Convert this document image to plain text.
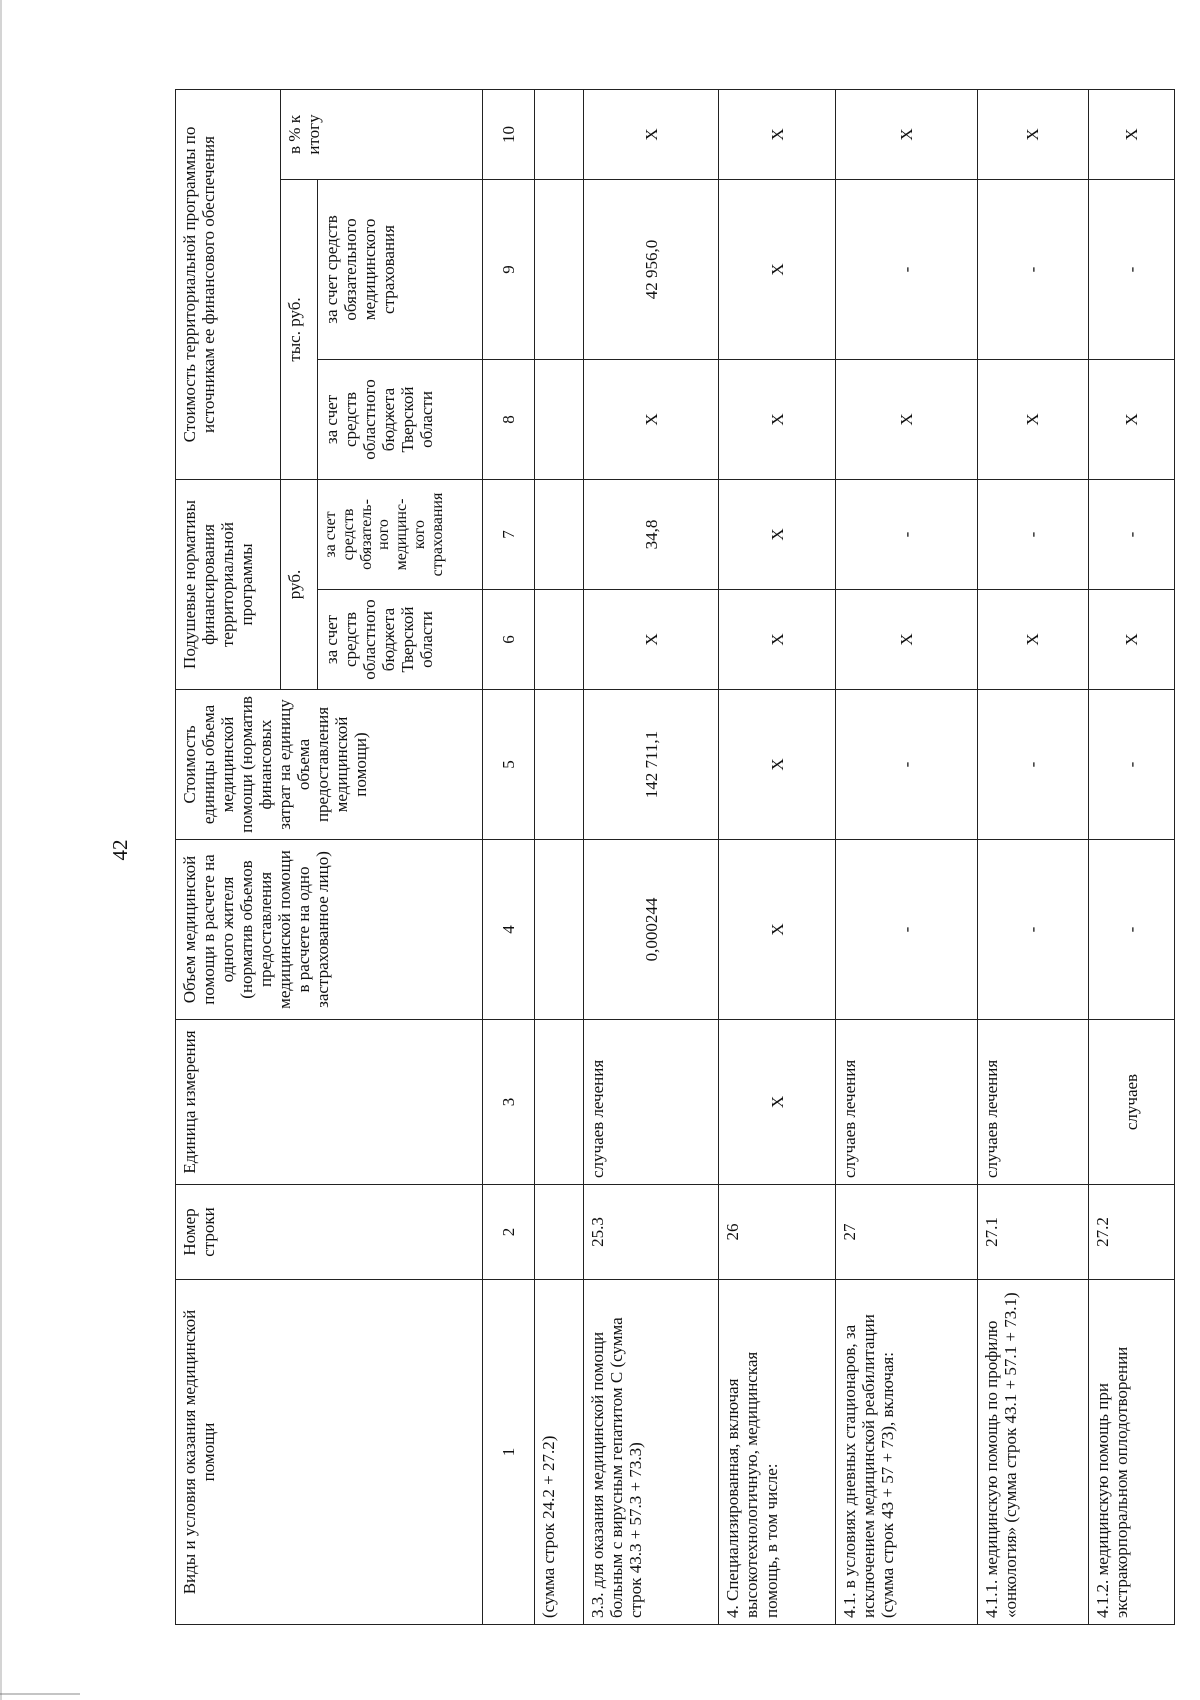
42
Виды и условия оказания медицинской помощи	Номер строки	Единица измерения	Объем медицинской помощи в расчете на одного жителя (норматив объемов предоставления медицинской помощи в расчете на одно застрахованное лицо)	Стоимость единицы объема медицинской помощи (норматив финансовых затрат на единицу объема предоставления медицинской помощи)	Подушевые нормативы финансирования территориальной программы		Стоимость территориальной программы по источникам ее финансового обеспечения		
					руб.		тыс. руб.		в % к итогу
					за счет средств областного бюджета Тверской области	за счет средств обязатель-ного медицинс-кого страхования	за счет средств областного бюджета Тверской области	за счет средств обязательного медицинского страхования	
1	2	3	4	5	6	7	8	9	10
(сумма строк 24.2 + 27.2)									
3.3. для оказания медицинской помощи больным с вирусным гепатитом С (сумма строк 43.3 + 57.3 + 73.3)	25.3	случаев лечения	0,000244	142 711,1	X	34,8	X	42 956,0	X
4. Специализированная, включая высокотехнологичную, медицинская помощь, в том числе:	26	X	X	X	X	X	X	X	X
4.1. в условиях дневных стационаров, за исключением медицинской реабилитации (сумма строк 43 + 57 + 73), включая:	27	случаев лечения	-	-	X	-	X	-	X
4.1.1. медицинскую помощь по профилю «онкология» (сумма строк 43.1 + 57.1 + 73.1)	27.1	случаев лечения	-	-	X	-	X	-	X
4.1.2. медицинскую помощь при экстракорпоральном оплодотворении	27.2	случаев	-	-	X	-	X	-	X
